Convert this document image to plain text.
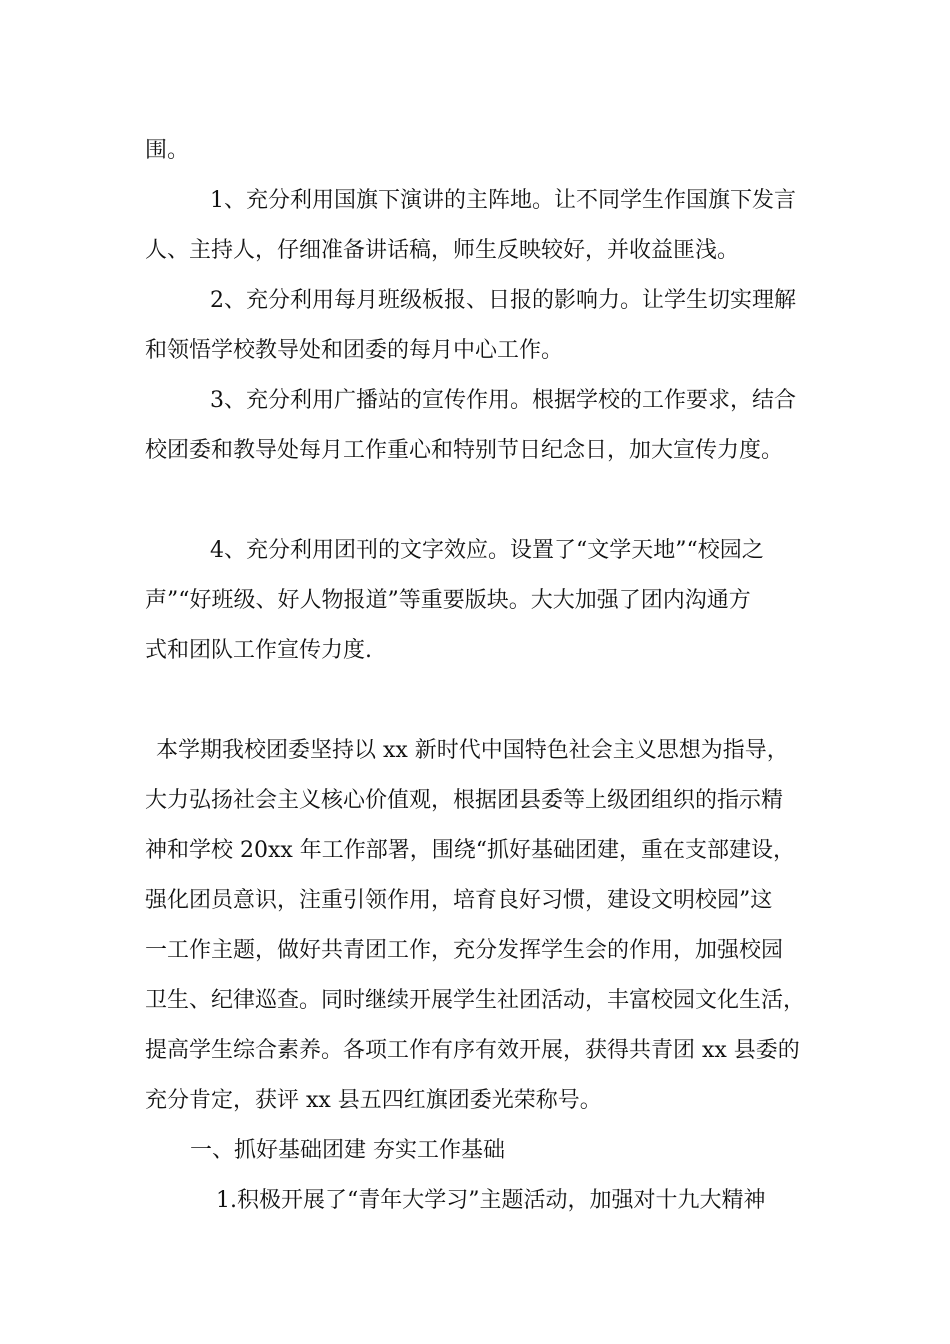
围。

1、充分利用国旗下演讲的主阵地。让不同学生作国旗下发言

人、主持人，仔细准备讲话稿，师生反映较好，并收益匪浅。

2、充分利用每月班级板报、日报的影响力。让学生切实理解

和领悟学校教导处和团委的每月中心工作。

3、充分利用广播站的宣传作用。根据学校的工作要求，结合

校团委和教导处每月工作重心和特别节日纪念日，加大宣传力度。

4、充分利用团刊的文字效应。设置了“文学天地”“校园之

声”“好班级、好人物报道”等重要版块。大大加强了团内沟通方

式和团队工作宣传力度.

本学期我校团委坚持以 xx 新时代中国特色社会主义思想为指导，

大力弘扬社会主义核心价值观，根据团县委等上级团组织的指示精

神和学校 20xx 年工作部署，围绕“抓好基础团建，重在支部建设，

强化团员意识，注重引领作用，培育良好习惯，建设文明校园”这

一工作主题，做好共青团工作，充分发挥学生会的作用，加强校园

卫生、纪律巡查。同时继续开展学生社团活动，丰富校园文化生活，

提高学生综合素养。各项工作有序有效开展，获得共青团 xx 县委的

充分肯定，获评 xx 县五四红旗团委光荣称号。

一、抓好基础团建 夯实工作基础

1.积极开展了“青年大学习”主题活动，加强对十九大精神
